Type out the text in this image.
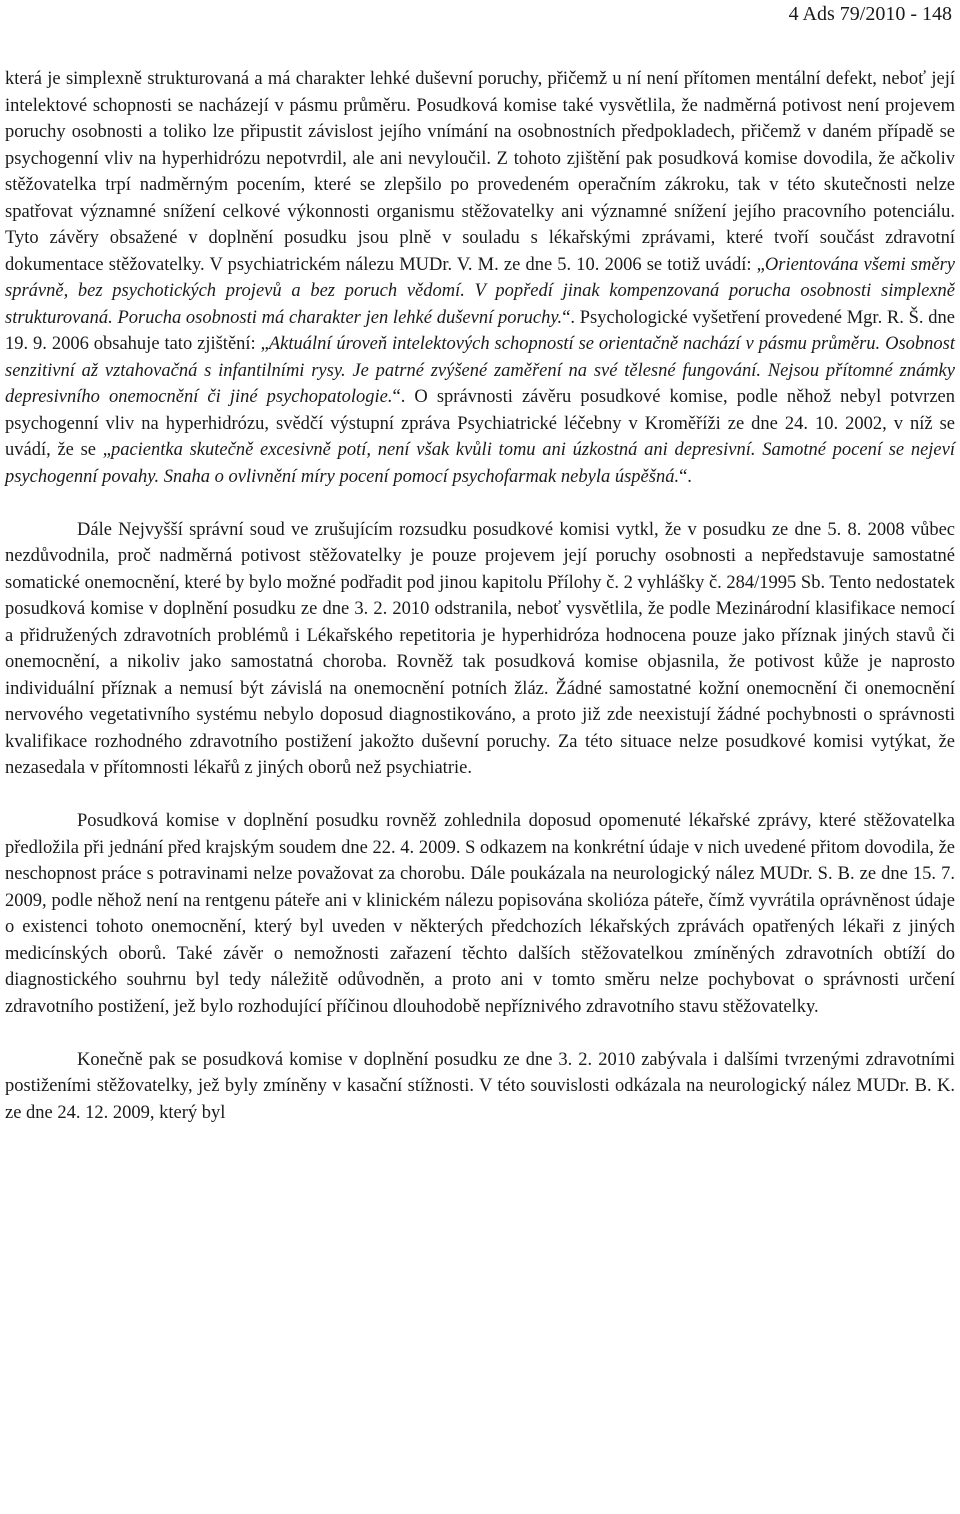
4 Ads 79/2010 - 148

která je simplexně strukturovaná a má charakter lehké duševní poruchy, přičemž u ní není přítomen mentální defekt, neboť její intelektové schopnosti se nacházejí v pásmu průměru. Posudková komise také vysvětlila, že nadměrná potivost není projevem poruchy osobnosti a toliko lze připustit závislost jejího vnímání na osobnostních předpokladech, přičemž v daném případě se psychogenní vliv na hyperhidrózu nepotvrdil, ale ani nevyloučil. Z tohoto zjištění pak posudková komise dovodila, že ačkoliv stěžovatelka trpí nadměrným pocením, které se zlepšilo po provedeném operačním zákroku, tak v této skutečnosti nelze spatřovat významné snížení celkové výkonnosti organismu stěžovatelky ani významné snížení jejího pracovního potenciálu. Tyto závěry obsažené v doplnění posudku jsou plně v souladu s lékařskými zprávami, které tvoří součást zdravotní dokumentace stěžovatelky. V psychiatrickém nálezu MUDr. V. M. ze dne 5. 10. 2006 se totiž uvádí: „Orientována všemi směry správně, bez psychotických projevů a bez poruch vědomí. V popředí jinak kompenzovaná porucha osobnosti simplexně strukturovaná. Porucha osobnosti má charakter jen lehké duševní poruchy.“. Psychologické vyšetření provedené Mgr. R. Š. dne 19. 9. 2006 obsahuje tato zjištění: „Aktuální úroveň intelektových schopností se orientačně nachází v pásmu průměru. Osobnost senzitivní až vztahovačná s infantilními rysy. Je patrné zvýšené zaměření na své tělesné fungování. Nejsou přítomné známky depresivního onemocnění či jiné psychopatologie.“. O správnosti závěru posudkové komise, podle něhož nebyl potvrzen psychogenní vliv na hyperhidrózu, svědčí výstupní zpráva Psychiatrické léčebny v Kroměříži ze dne 24. 10. 2002, v níž se uvádí, že se „pacientka skutečně excesivně potí, není však kvůli tomu ani úzkostná ani depresivní. Samotné pocení se nejeví psychogenní povahy. Snaha o ovlivnění míry pocení pomocí psychofarmak nebyla úspěšná.“.

Dále Nejvyšší správní soud ve zrušujícím rozsudku posudkové komisi vytkl, že v posudku ze dne 5. 8. 2008 vůbec nezdůvodnila, proč nadměrná potivost stěžovatelky je pouze projevem její poruchy osobnosti a nepředstavuje samostatné somatické onemocnění, které by bylo možné podřadit pod jinou kapitolu Přílohy č. 2 vyhlášky č. 284/1995 Sb. Tento nedostatek posudková komise v doplnění posudku ze dne 3. 2. 2010 odstranila, neboť vysvětlila, že podle Mezinárodní klasifikace nemocí a přidružených zdravotních problémů i Lékařského repetitoria je hyperhidróza hodnocena pouze jako příznak jiných stavů či onemocnění, a nikoliv jako samostatná choroba. Rovněž tak posudková komise objasnila, že potivost kůže je naprosto individuální příznak a nemusí být závislá na onemocnění potních žláz. Žádné samostatné kožní onemocnění či onemocnění nervového vegetativního systému nebylo doposud diagnostikováno, a proto již zde neexistují žádné pochybnosti o správnosti kvalifikace rozhodného zdravotního postižení jakožto duševní poruchy. Za této situace nelze posudkové komisi vytýkat, že nezasedala v přítomnosti lékařů z jiných oborů než psychiatrie.

Posudková komise v doplnění posudku rovněž zohlednila doposud opomenuté lékařské zprávy, které stěžovatelka předložila při jednání před krajským soudem dne 22. 4. 2009. S odkazem na konkrétní údaje v nich uvedené přitom dovodila, že neschopnost práce s potravinami nelze považovat za chorobu. Dále poukázala na neurologický nález MUDr. S. B. ze dne 15. 7. 2009, podle něhož není na rentgenu páteře ani v klinickém nálezu popisována skolióza páteře, čímž vyvrátila oprávněnost údaje o existenci tohoto onemocnění, který byl uveden v některých předchozích lékařských zprávách opatřených lékaři z jiných medicínských oborů. Také závěr o nemožnosti zařazení těchto dalších stěžovatelkou zmíněných zdravotních obtíží do diagnostického souhrnu byl tedy náležitě odůvodněn, a proto ani v tomto směru nelze pochybovat o správnosti určení zdravotního postižení, jež bylo rozhodující příčinou dlouhodobě nepříznivého zdravotního stavu stěžovatelky.

Konečně pak se posudková komise v doplnění posudku ze dne 3. 2. 2010 zabývala i dalšími tvrzenými zdravotními postiženími stěžovatelky, jež byly zmíněny v kasační stížnosti. V této souvislosti odkázala na neurologický nález MUDr. B. K. ze dne 24. 12. 2009, který byl
